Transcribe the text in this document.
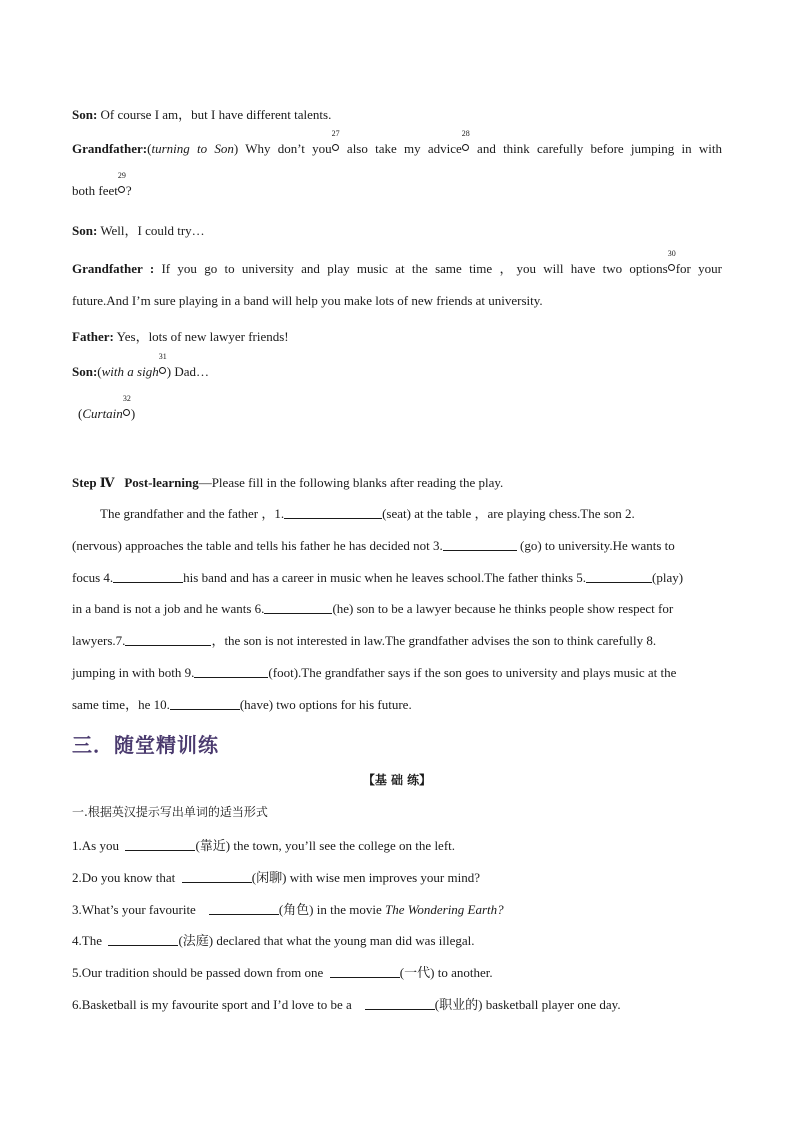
Son: Of course I am，but I have different talents.
Grandfather:(turning to Son) Why don’t you
27
also take my advice
28
and think carefully before jumping in with
both feet
29
?
Son: Well，I could try…
Grandfather : If you go to university and play music at the same time ，you will have two options
30
for your
future.And I’m sure playing in a band will help you make lots of new friends at university.
Father: Yes，lots of new lawyer friends!
Son:(with a sigh
31
) Dad…
(Curtain
32
)
Step Ⅳ Post-learning—Please fill in the following blanks after reading the play.
The grandfather and the father ，1.	(seat) at the table ，are playing chess.The son 2.
(nervous) approaches the table and tells his father he has decided not 3.	(go) to university.He wants to
focus 4.	his band and has a career in music when he leaves school.The father thinks 5.	(play)
in a band is not a job and he wants 6.	(he) son to be a lawyer because he thinks people show respect for
lawyers.7.	，the son is not interested in law.The grandfather advises the son to think carefully 8.
jumping in with both 9.	(foot).The grandfather says if the son goes to university and plays music at the
same time，he 10.	(have) two options for his future.
三．随堂精训练
【基 础 练】
一.根据英汉提示写出单词的适当形式
1.As you	(靠近) the town, you’ll see the college on the left.
2.Do you know that	(闲聊) with wise men improves your mind?
3.What’s your favourite	(角色) in the movie The Wondering Earth?
4.The	(法庭) declared that what the young man did was illegal.
5.Our tradition should be passed down from one	(一代) to another.
6.Basketball is my favourite sport and I’d love to be a	(职业的) basketball player one day.
